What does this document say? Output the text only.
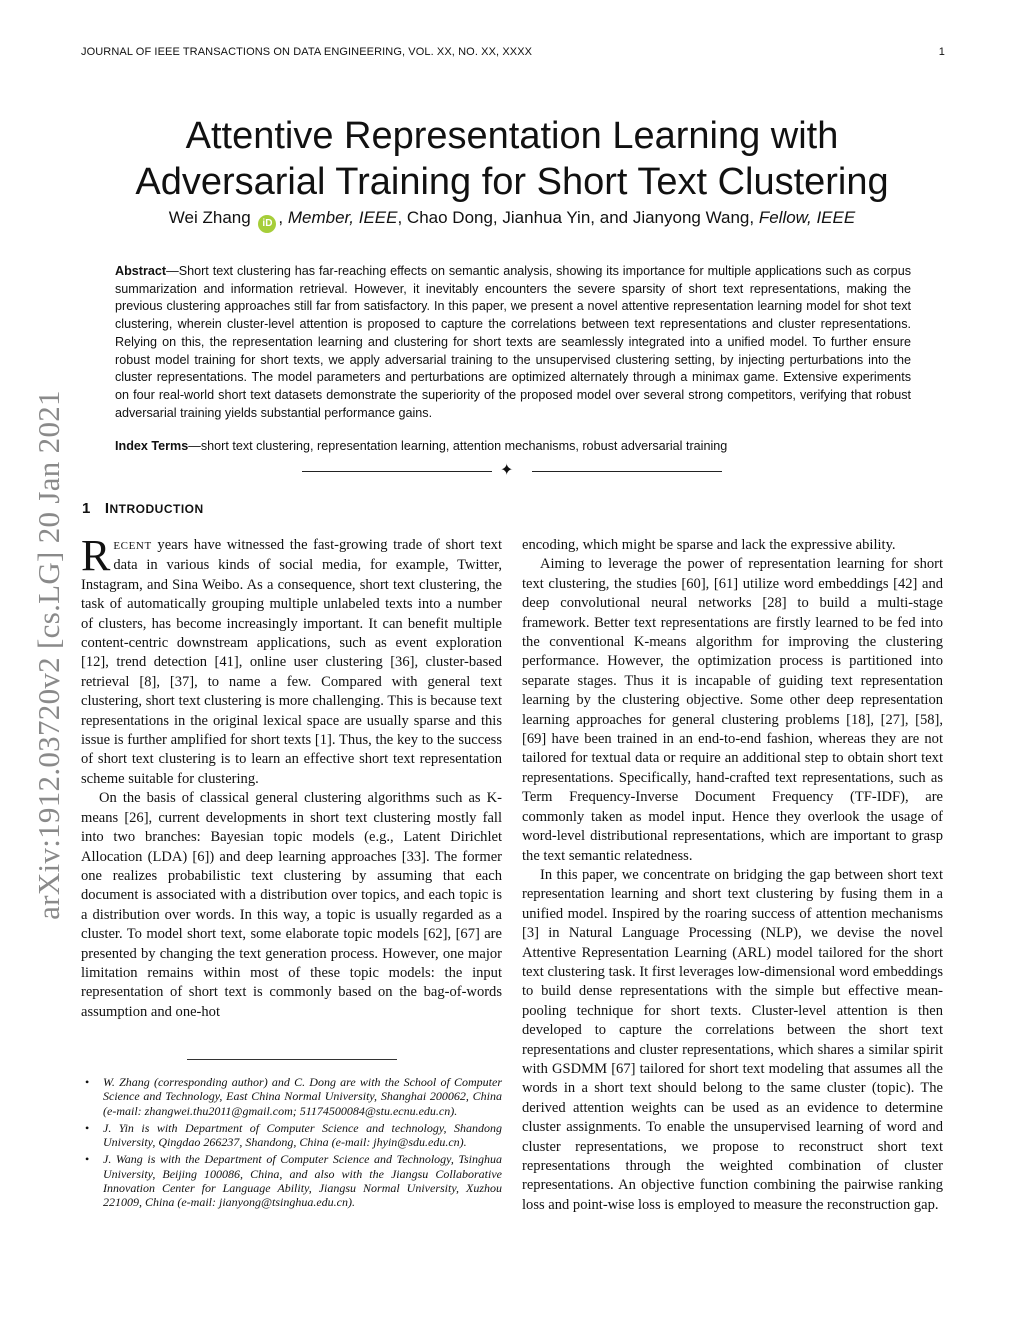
JOURNAL OF IEEE TRANSACTIONS ON DATA ENGINEERING, VOL. XX, NO. XX, XXXX	1
arXiv:1912.03720v2 [cs.LG] 20 Jan 2021
Attentive Representation Learning with
Adversarial Training for Short Text Clustering
Wei Zhang iD , Member, IEEE, Chao Dong, Jianhua Yin, and Jianyong Wang, Fellow, IEEE
Abstract—Short text clustering has far-reaching effects on semantic analysis, showing its importance for multiple applications such as corpus summarization and information retrieval. However, it inevitably encounters the severe sparsity of short text representations, making the previous clustering approaches still far from satisfactory. In this paper, we present a novel attentive representation learning model for shot text clustering, wherein cluster-level attention is proposed to capture the correlations between text representations and cluster representations. Relying on this, the representation learning and clustering for short texts are seamlessly integrated into a unified model. To further ensure robust model training for short texts, we apply adversarial training to the unsupervised clustering setting, by injecting perturbations into the cluster representations. The model parameters and perturbations are optimized alternately through a minimax game. Extensive experiments on four real-world short text datasets demonstrate the superiority of the proposed model over several strong competitors, verifying that robust adversarial training yields substantial performance gains.
Index Terms—short text clustering, representation learning, attention mechanisms, robust adversarial training
✦
1 INTRODUCTION

RECENT years have witnessed the fast-growing trade of short text data in various kinds of social media, for example, Twitter, Instagram, and Sina Weibo. As a consequence, short text clustering, the task of automatically grouping multiple unlabeled texts into a number of clusters, has become increasingly important. It can benefit multiple content-centric downstream applications, such as event exploration [12], trend detection [41], online user clustering [36], cluster-based retrieval [8], [37], to name a few. Compared with general text clustering, short text clustering is more challenging. This is because text representations in the original lexical space are usually sparse and this issue is further amplified for short texts [1]. Thus, the key to the success of short text clustering is to learn an effective short text representation scheme suitable for clustering.

On the basis of classical general clustering algorithms such as K-means [26], current developments in short text clustering mostly fall into two branches: Bayesian topic models (e.g., Latent Dirichlet Allocation (LDA) [6]) and deep learning approaches [33]. The former one realizes probabilistic text clustering by assuming that each document is associated with a distribution over topics, and each topic is a distribution over words. In this way, a topic is usually regarded as a cluster. To model short text, some elaborate topic models [62], [67] are presented by changing the text generation process. However, one major limitation remains within most of these topic models: the input representation of short text is commonly based on the bag-of-words assumption and one-hot

encoding, which might be sparse and lack the expressive ability.

Aiming to leverage the power of representation learning for short text clustering, the studies [60], [61] utilize word embeddings [42] and deep convolutional neural networks [28] to build a multi-stage framework. Better text representations are firstly learned to be fed into the conventional K-means algorithm for improving the clustering performance. However, the optimization process is partitioned into separate stages. Thus it is incapable of guiding text representation learning by the clustering objective. Some other deep representation learning approaches for general clustering problems [18], [27], [58], [69] have been trained in an end-to-end fashion, whereas they are not tailored for textual data or require an additional step to obtain short text representations. Specifically, hand-crafted text representations, such as Term Frequency-Inverse Document Frequency (TF-IDF), are commonly taken as model input. Hence they overlook the usage of word-level distributional representations, which are important to grasp the text semantic relatedness.

In this paper, we concentrate on bridging the gap between short text representation learning and short text clustering by fusing them in a unified model. Inspired by the roaring success of attention mechanisms [3] in Natural Language Processing (NLP), we devise the novel Attentive Representation Learning (ARL) model tailored for the short text clustering task. It first leverages low-dimensional word embeddings to build dense representations with the simple but effective mean-pooling technique for short texts. Cluster-level attention is then developed to capture the correlations between the short text representations and cluster representations, which shares a similar spirit with GSDMM [67] tailored for short text modeling that assumes all the words in a short text should belong to the same cluster (topic). The derived attention weights can be used as an evidence to determine cluster assignments. To enable the unsupervised learning of word and cluster representations, we propose to reconstruct short text representations through the weighted combination of cluster representations. An objective function combining the pairwise ranking loss and point-wise loss is employed to measure the reconstruction gap.

• W. Zhang (corresponding author) and C. Dong are with the School of Computer Science and Technology, East China Normal University, Shanghai 200062, China (e-mail: zhangwei.thu2011@gmail.com; 51174500084@stu.ecnu.edu.cn).
• J. Yin is with Department of Computer Science and technology, Shandong University, Qingdao 266237, Shandong, China (e-mail: jhyin@sdu.edu.cn).
• J. Wang is with the Department of Computer Science and Technology, Tsinghua University, Beijing 100086, China, and also with the Jiangsu Collaborative Innovation Center for Language Ability, Jiangsu Normal University, Xuzhou 221009, China (e-mail: jianyong@tsinghua.edu.cn).
